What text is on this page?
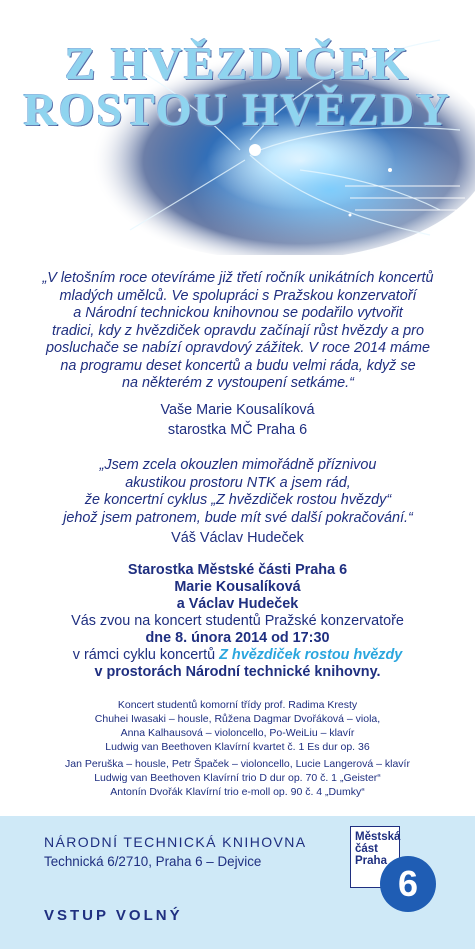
Z HVĚZDIČEK
ROSTOU HVĚZDY
„V letošním roce otevíráme již třetí ročník unikátních koncertů
mladých umělců. Ve spolupráci s Pražskou konzervatoří
a Národní technickou knihovnou se podařilo vytvořit
tradici, kdy z hvězdiček opravdu začínají růst hvězdy a pro
posluchače se nabízí opravdový zážitek. V roce 2014 máme
na programu deset koncertů a budu velmi ráda, když se
na některém z vystoupení setkáme.“
Vaše Marie Kousalíková
starostka MČ Praha 6
„Jsem zcela okouzlen mimořádně příznivou
akustikou prostoru NTK a jsem rád,
že koncertní cyklus „Z hvězdiček rostou hvězdy“
jehož jsem patronem, bude mít své další pokračování.“
Váš Václav Hudeček
Starostka Městské části Praha 6
Marie Kousalíková
a Václav Hudeček
Vás zvou na koncert studentů Pražské konzervatoře
dne 8. února 2014 od 17:30
v rámci cyklu koncertů Z hvězdiček rostou hvězdy
v prostorách Národní technické knihovny.
Koncert studentů komorní třídy prof. Radima Kresty
Chuhei Iwasaki – housle, Růžena Dagmar Dvořáková – viola,
Anna Kalhausová – violoncello, Po-WeiLiu – klavír
Ludwig van Beethoven Klavírní kvartet č. 1 Es dur op. 36
Jan Peruška – housle, Petr Špaček – violoncello, Lucie Langerová – klavír
Ludwig van Beethoven Klavírní trio D dur op. 70 č. 1 „Geister“
Antonín Dvořák Klavírní trio e-moll op. 90 č. 4 „Dumky“
NÁRODNÍ TECHNICKÁ KNIHOVNA
Technická 6/2710, Praha 6 – Dejvice
VSTUP VOLNÝ
Městská
část
Praha
6
